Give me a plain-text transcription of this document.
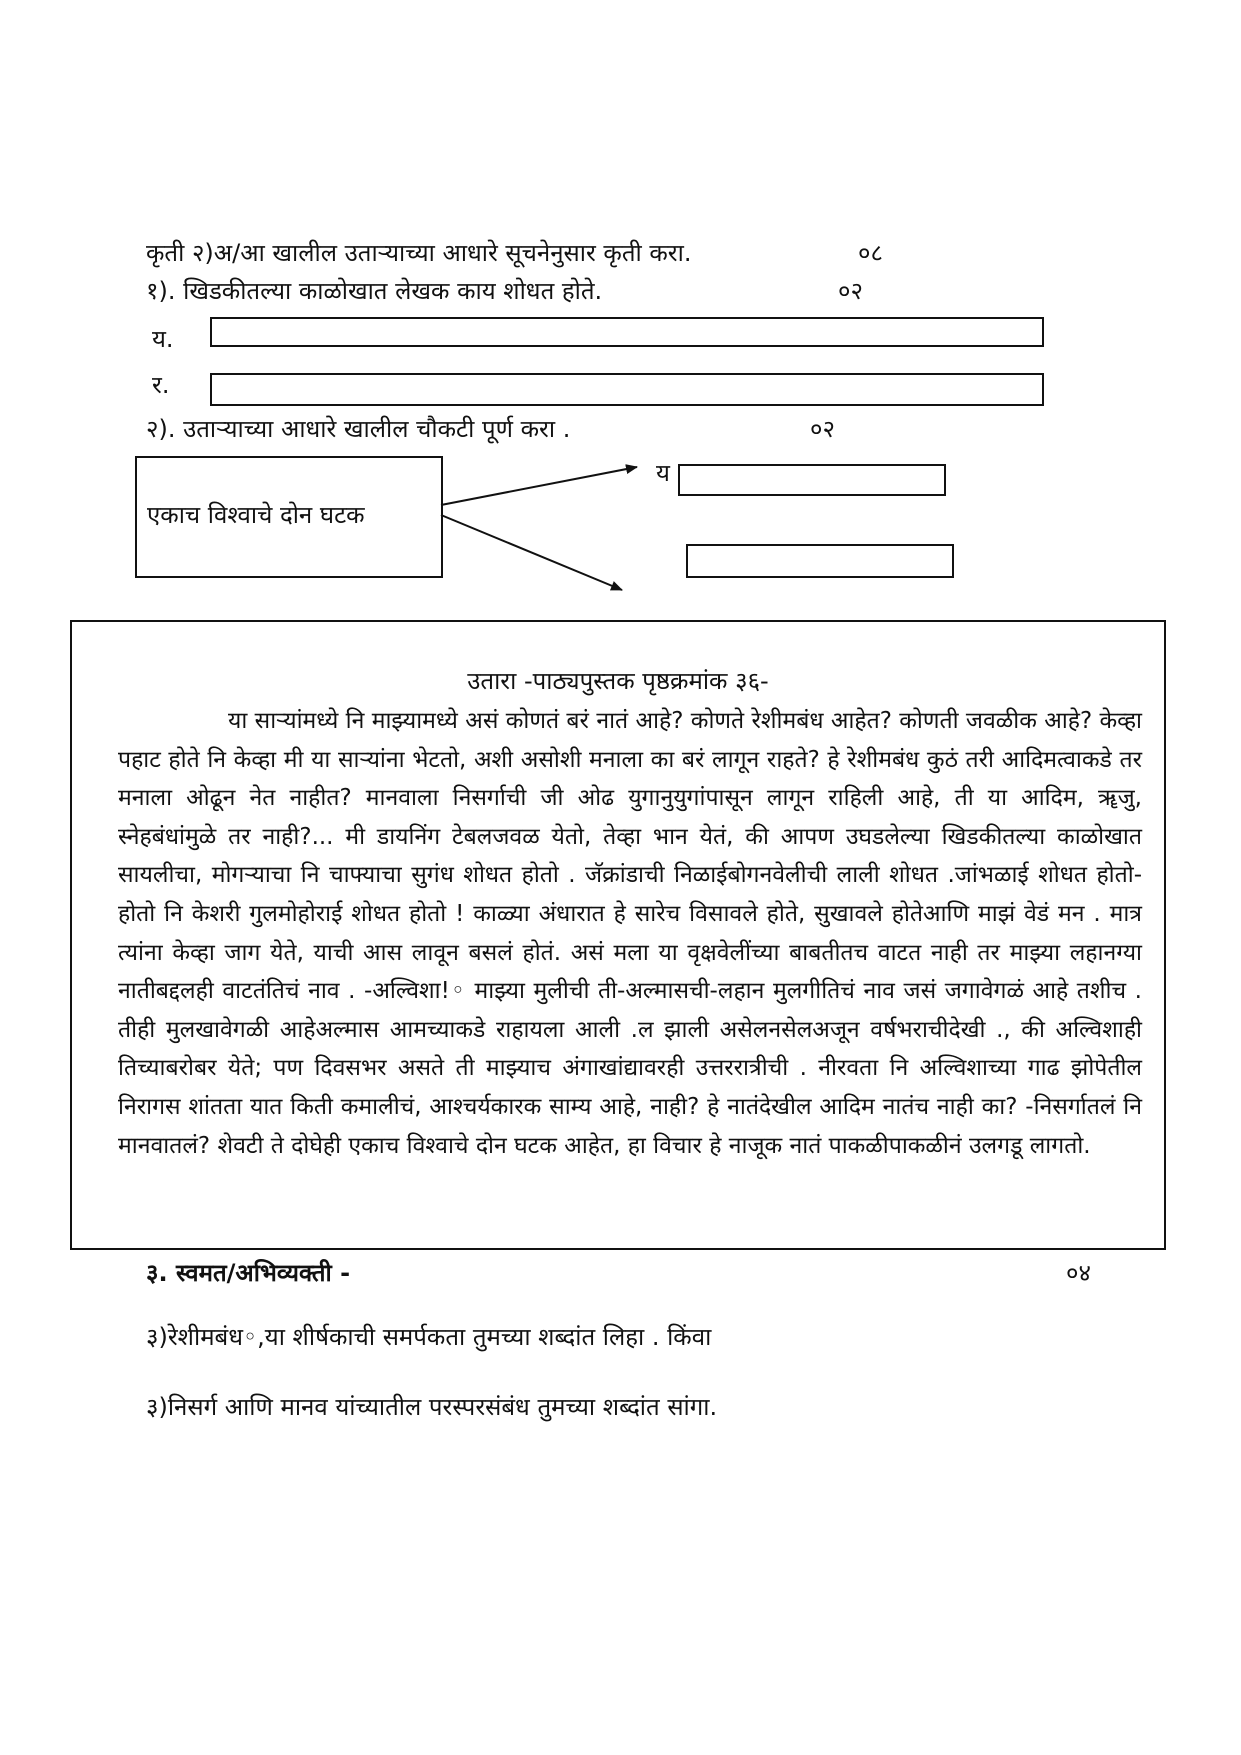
कृती २)अ/आ खालील उताऱ्याच्या आधारे सूचनेनुसार कृती करा.	०८
१). खिडकीतल्या काळोखात लेखक काय शोधत होते.	०२
य.
र.
२). उताऱ्याच्या आधारे खालील चौकटी पूर्ण करा .	०२
एकाच विश्वाचे दोन घटक
य
उतारा -पाठ्यपुस्तक पृष्ठक्रमांक ३६-
या साऱ्यांमध्ये नि माझ्यामध्ये असं कोणतं बरं नातं आहे? कोणते रेशीमबंध आहेत? कोणती जवळीक आहे? केव्हा पहाट होते नि केव्हा मी या साऱ्यांना भेटतो, अशी असोशी मनाला का बरं लागून राहते? हे रेशीमबंध कुठं तरी आदिमत्वाकडे तर मनाला ओढून नेत नाहीत? मानवाला निसर्गाची जी ओढ युगानुयुगांपासून लागून राहिली आहे, ती या आदिम, ॠजु, स्नेहबंधांमुळे तर नाही?... मी डायनिंग टेबलजवळ येतो, तेव्हा भान येतं, की आपण उघडलेल्या खिडकीतल्या काळोखात सायलीचा, मोगऱ्याचा नि चाफ्याचा सुगंध शोधत होतो . जॅक्रांडाची निळाईबोगनवेलीची लाली शोधत .जांभळाई शोधत होतो- होतो नि केशरी गुलमोहोराई शोधत होतो ! काळ्या अंधारात हे सारेच विसावले होते, सुखावले होतेआणि माझं वेडं मन . मात्र त्यांना केव्हा जाग येते, याची आस लावून बसलं होतं. असं मला या वृक्षवेलींच्या बाबतीतच वाटत नाही तर माझ्या लहानग्या नातीबद्दलही वाटतंतिचं नाव . -अल्विशा!◦ माझ्या मुलीची ती-अल्मासची-लहान मुलगीतिचं नाव जसं जगावेगळं आहे तशीच . तीही मुलखावेगळी आहेअल्मास आमच्याकडे राहायला आली .ल झाली असेलनसेलअजून वर्षभराचीदेखी ., की अल्विशाही तिच्याबरोबर येते; पण दिवसभर असते ती माझ्याच अंगाखांद्यावरही उत्तररात्रीची . नीरवता नि अल्विशाच्या गाढ झोपेतील निरागस शांतता यात किती कमालीचं, आश्चर्यकारक साम्य आहे, नाही? हे नातंदेखील आदिम नातंच नाही का? -निसर्गातलं नि मानवातलं? शेवटी ते दोघेही एकाच विश्वाचे दोन घटक आहेत, हा विचार हे नाजूक नातं पाकळीपाकळीनं उलगडू लागतो.
३. स्वमत/अभिव्यक्ती -	०४
३)रेशीमबंध◦,या शीर्षकाची समर्पकता तुमच्या शब्दांत लिहा . किंवा
३)निसर्ग आणि मानव यांच्यातील परस्परसंबंध तुमच्या शब्दांत सांगा.
